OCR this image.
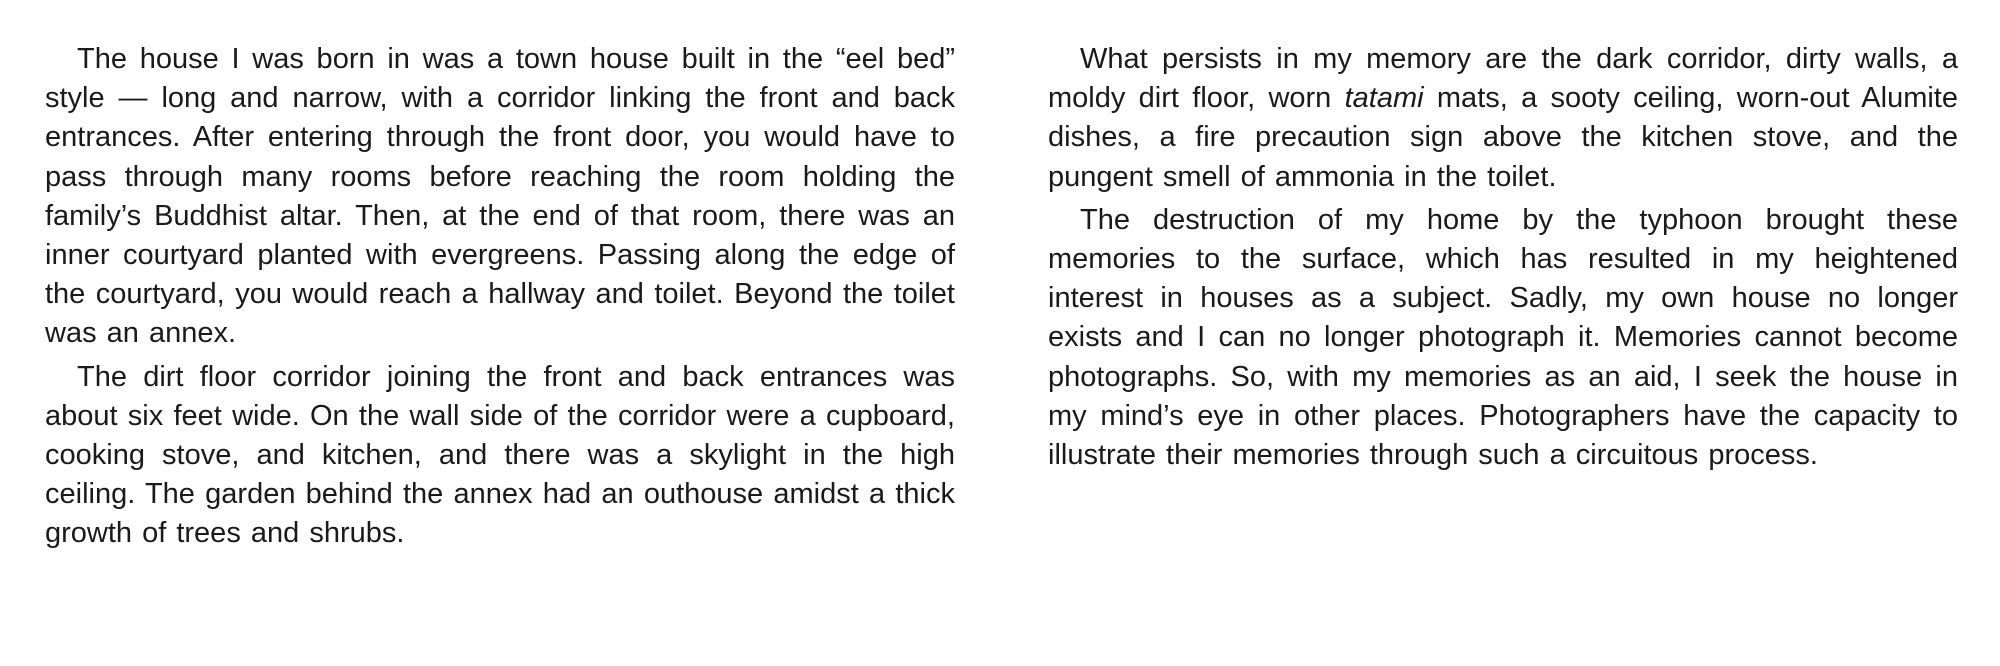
The house I was born in was a town house built in the “eel bed” style — long and narrow, with a corridor linking the front and back entrances. After entering through the front door, you would have to pass through many rooms before reaching the room holding the family’s Buddhist altar. Then, at the end of that room, there was an inner courtyard planted with evergreens. Passing along the edge of the courtyard, you would reach a hallway and toilet. Beyond the toilet was an annex.

The dirt floor corridor joining the front and back entrances was about six feet wide. On the wall side of the corridor were a cupboard, cooking stove, and kitchen, and there was a skylight in the high ceiling. The garden behind the annex had an outhouse amidst a thick growth of trees and shrubs.

What persists in my memory are the dark corridor, dirty walls, a moldy dirt floor, worn tatami mats, a sooty ceiling, worn-out Alumite dishes, a fire precaution sign above the kitchen stove, and the pungent smell of ammonia in the toilet.

The destruction of my home by the typhoon brought these memories to the surface, which has resulted in my heightened interest in houses as a subject. Sadly, my own house no longer exists and I can no longer photograph it. Memories cannot become photographs. So, with my memories as an aid, I seek the house in my mind’s eye in other places. Photographers have the capacity to illustrate their memories through such a circuitous process.
